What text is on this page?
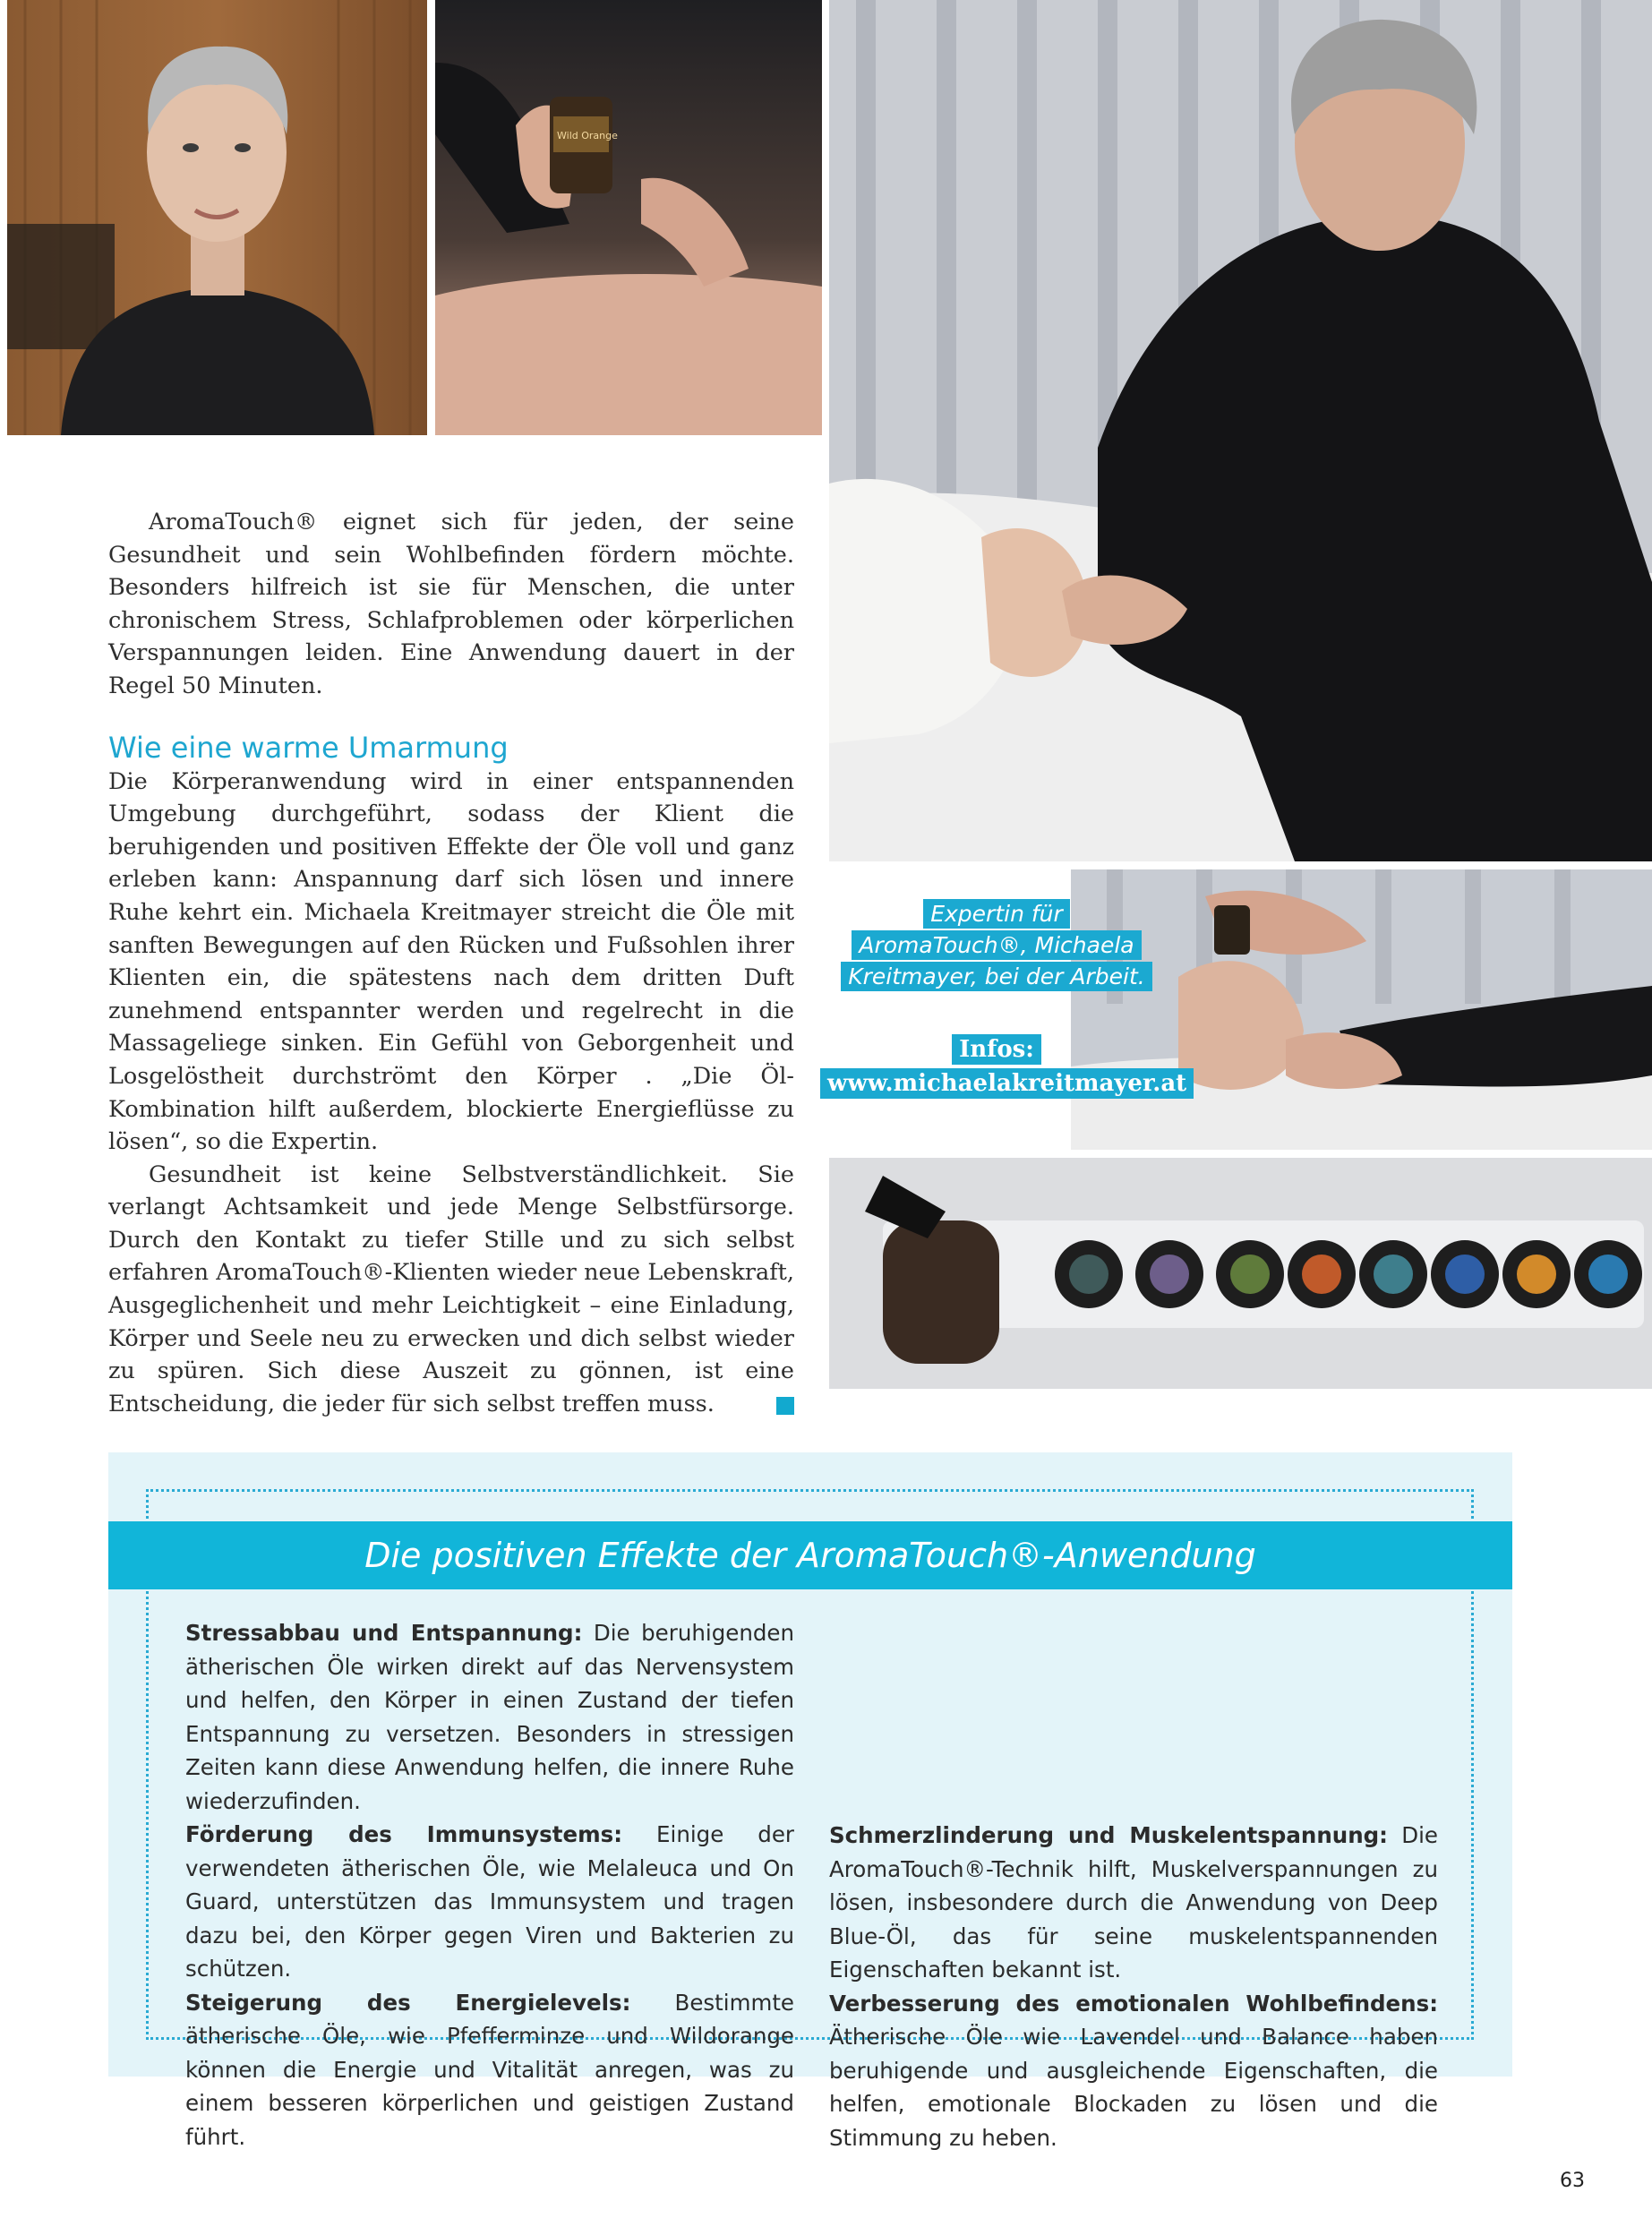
Wild Orange
Expertin für
AromaTouch®, Michaela
Kreitmayer, bei der Arbeit.
Infos:
www.michaelakreitmayer.at

AromaTouch® eignet sich für jeden, der seine Gesundheit und sein Wohlbefinden fördern möchte. Besonders hilfreich ist sie für Menschen, die unter chronischem Stress, Schlafproblemen oder körperlichen Verspannungen leiden. Eine Anwendung dauert in der Regel 50 Minuten.

Wie eine warme Umarmung

Die Körperanwendung wird in einer entspannenden Umgebung durchgeführt, sodass der Klient die beruhigenden und positiven Effekte der Öle voll und ganz erleben kann: Anspannung darf sich lösen und innere Ruhe kehrt ein. Michaela Kreitmayer streicht die Öle mit sanften Bewegungen auf den Rücken und Fußsohlen ihrer Klienten ein, die spätestens nach dem dritten Duft zunehmend entspannter werden und regelrecht in die Massageliege sinken. Ein Gefühl von Geborgenheit und Losgelöstheit durchströmt den Körper . „Die Öl-Kombination hilft außerdem, blockierte Energieflüsse zu lösen“, so die Expertin.

Gesundheit ist keine Selbstverständlichkeit. Sie verlangt Achtsamkeit und jede Menge Selbstfürsorge. Durch den Kontakt zu tiefer Stille und zu sich selbst erfahren AromaTouch®-Klienten wieder neue Lebenskraft, Ausgeglichenheit und mehr Leichtigkeit – eine Einladung, Körper und Seele neu zu erwecken und dich selbst wieder zu spüren. Sich diese Auszeit zu gönnen, ist eine Entscheidung, die jeder für sich selbst treffen muss.

Die positiven Effekte der AromaTouch®-Anwendung

Stressabbau und Entspannung: Die beruhigenden ätherischen Öle wirken direkt auf das Nervensystem und helfen, den Körper in einen Zustand der tiefen Entspannung zu versetzen. Besonders in stressigen Zeiten kann diese Anwendung helfen, die innere Ruhe wiederzufinden.

Förderung des Immunsystems: Einige der verwendeten ätherischen Öle, wie Melaleuca und On Guard, unterstützen das Immunsystem und tragen dazu bei, den Körper gegen Viren und Bakterien zu schützen.

Steigerung des Energielevels: Bestimmte ätherische Öle, wie Pfefferminze und Wildorange können die Energie und Vitalität anregen, was zu einem besseren körperlichen und geistigen Zustand führt.

Schmerzlinderung und Muskelentspannung: Die AromaTouch®-Technik hilft, Muskelverspannungen zu lösen, insbesondere durch die Anwendung von Deep Blue-Öl, das für seine muskelentspannenden Eigenschaften bekannt ist.

Verbesserung des emotionalen Wohlbefindens: Ätherische Öle wie Lavendel und Balance haben beruhigende und ausgleichende Eigenschaften, die helfen, emotionale Blockaden zu lösen und die Stimmung zu heben.

63
